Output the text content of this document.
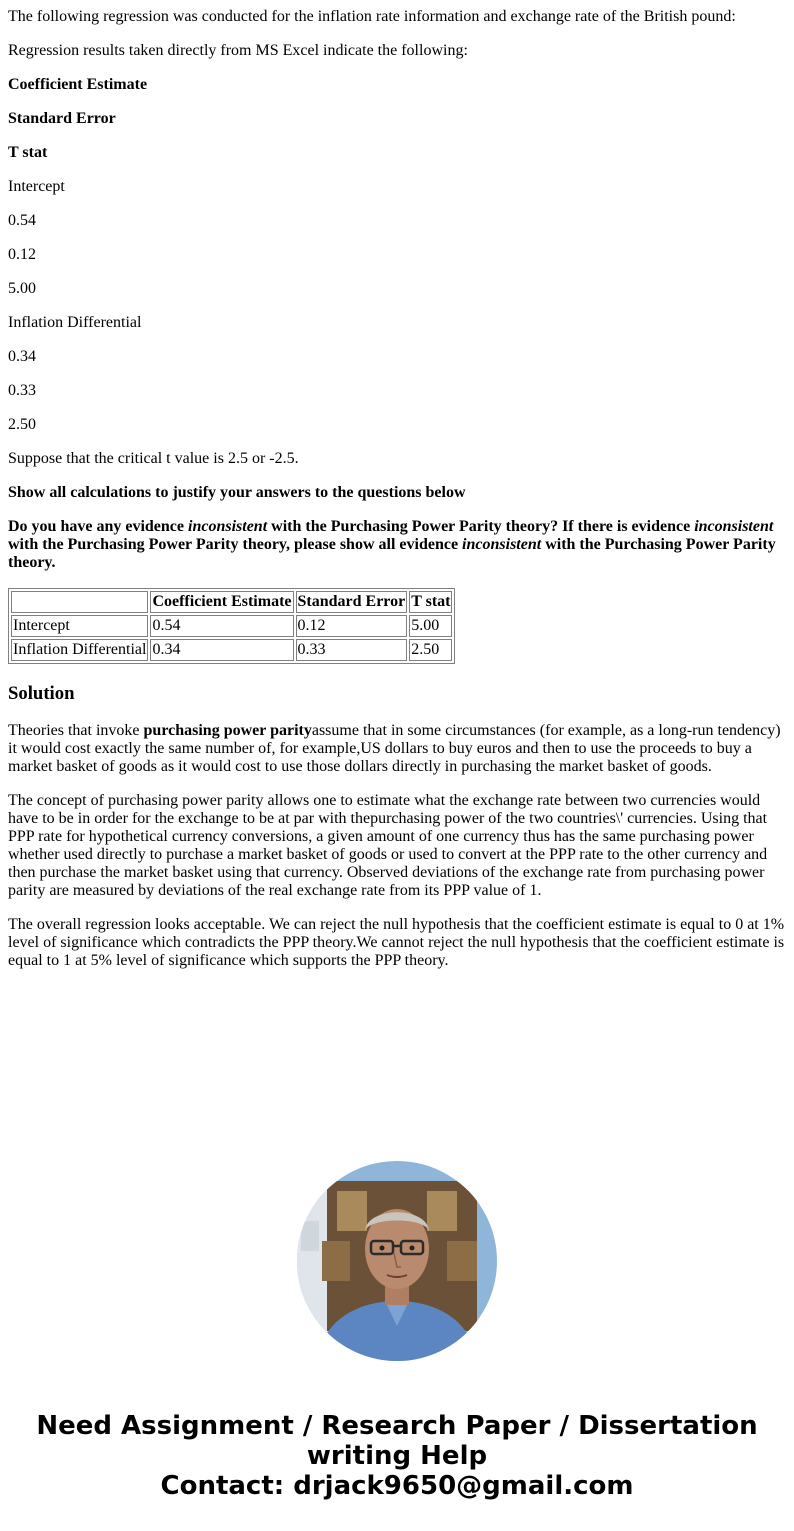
The following regression was conducted for the inflation rate information and exchange rate of the British pound:

Regression results taken directly from MS Excel indicate the following:

Coefficient Estimate

Standard Error

T stat

Intercept

0.54

0.12

5.00

Inflation Differential

0.34

0.33

2.50

Suppose that the critical t value is 2.5 or -2.5.

Show all calculations to justify your answers to the questions below

Do you have any evidence inconsistent with the Purchasing Power Parity theory? If there is evidence inconsistent with the Purchasing Power Parity theory, please show all evidence inconsistent with the Purchasing Power Parity theory.

	Coefficient Estimate	Standard Error	T stat
Intercept	0.54	0.12	5.00
Inflation Differential	0.34	0.33	2.50
Solution

Theories that invoke purchasing power parityassume that in some circumstances (for example, as a long-run tendency) it would cost exactly the same number of, for example,US dollars to buy euros and then to use the proceeds to buy a market basket of goods as it would cost to use those dollars directly in purchasing the market basket of goods.

The concept of purchasing power parity allows one to estimate what the exchange rate between two currencies would have to be in order for the exchange to be at par with thepurchasing power of the two countries\' currencies. Using that PPP rate for hypothetical currency conversions, a given amount of one currency thus has the same purchasing power whether used directly to purchase a market basket of goods or used to convert at the PPP rate to the other currency and then purchase the market basket using that currency. Observed deviations of the exchange rate from purchasing power parity are measured by deviations of the real exchange rate from its PPP value of 1.

The overall regression looks acceptable. We can reject the null hypothesis that the coefficient estimate is equal to 0 at 1% level of significance which contradicts the PPP theory.We cannot reject the null hypothesis that the coefficient estimate is equal to 1 at 5% level of significance which supports the PPP theory.

Need Assignment / Research Paper / Dissertation
writing Help
Contact: drjack9650@gmail.com
